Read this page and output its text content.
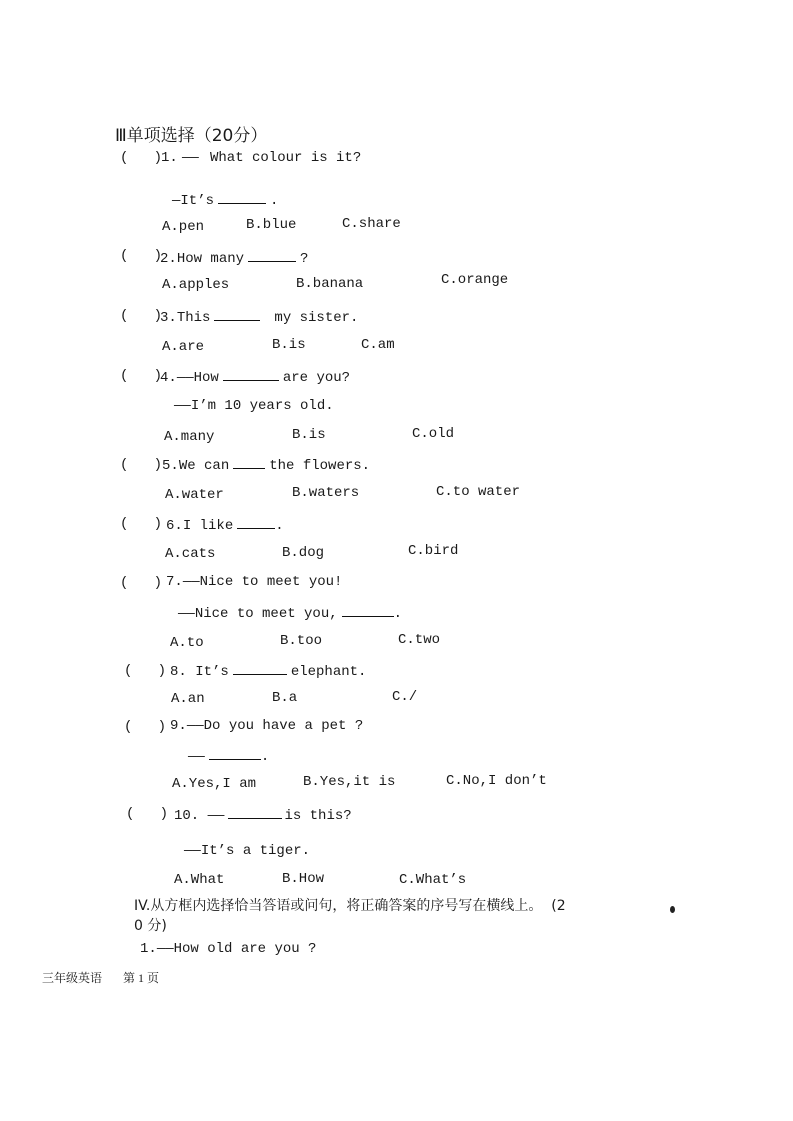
Ⅲ单项选择（20分）
(   )
1. —— What colour is it?
—It’s	.
A.pen	B.blue	C.share
(   )
2.How many	?
A.apples	B.banana	C.orange
(   )
3.This	my sister.
A.are	B.is	C.am
(   )
4.——How	are you?
——I’m 10 years old.
A.many	B.is	C.old
(   ) 5.We can	the flowers.
A.water	B.waters	C.to water
(   ) 6.I like	.
A.cats	B.dog	C.bird
(   ) 7.——Nice to meet you!
——Nice to meet you,	.
A.to	B.too	C.two
(   ) 8. It’s	elephant.
A.an	B.a	C./
(   ) 9.——Do you have a pet ?
——	.
A.Yes,I am	B.Yes,it is	C.No,I don’t
(   ) 10. ——	is this?
——It’s a tiger.
A.What	B.How	C.What’s
IV.从方框内选择恰当答语或问句，将正确答案的序号写在横线上。  (2
0 分)
1.——How old are you ?
三年级英语 第 1 页
